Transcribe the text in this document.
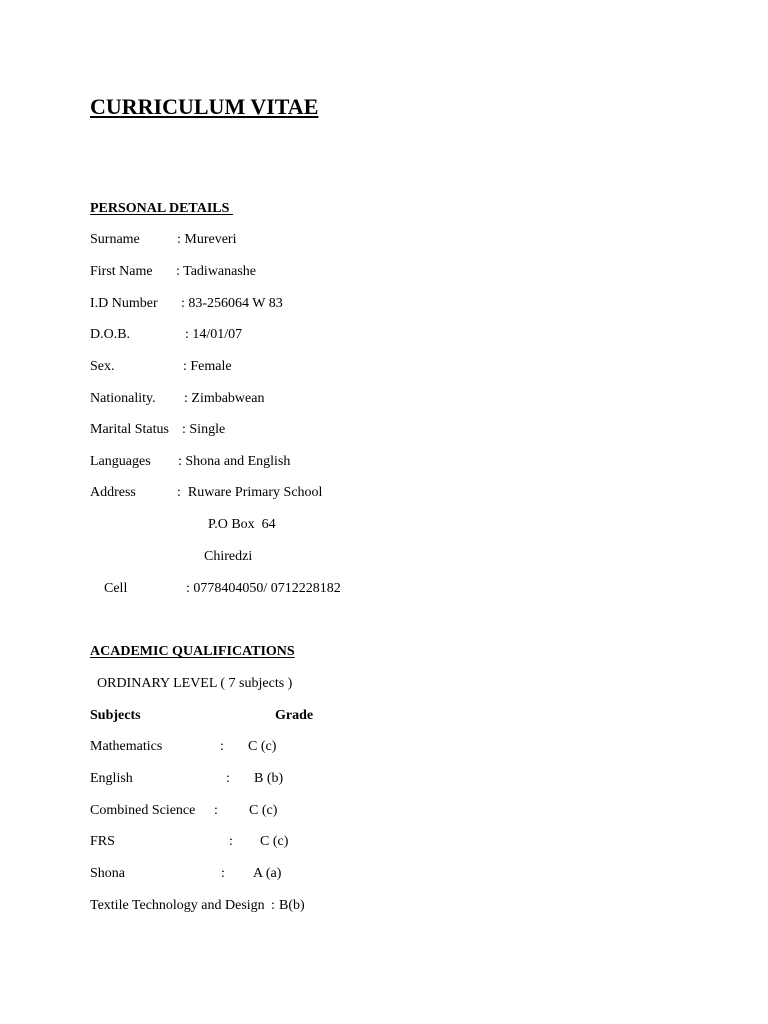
CURRICULUM VITAE
PERSONAL DETAILS
Surname	: Mureveri
First Name : Tadiwanashe
I.D Number : 83-256064 W 83
D.O.B.	: 14/01/07
Sex.	: Female
Nationality. : Zimbabwean
Marital Status : Single
Languages : Shona and English
Address	:  Ruware Primary School
P.O Box  64
Chiredzi
Cell	: 0778404050/ 0712228182
ACADEMIC QUALIFICATIONS
ORDINARY LEVEL ( 7 subjects )
Subjects	Grade
Mathematics	: C (c)
English	: B (b)
Combined Science : C (c)
FRS	: C (c)
Shona	: A (a)
Textile Technology and Design : B(b)
